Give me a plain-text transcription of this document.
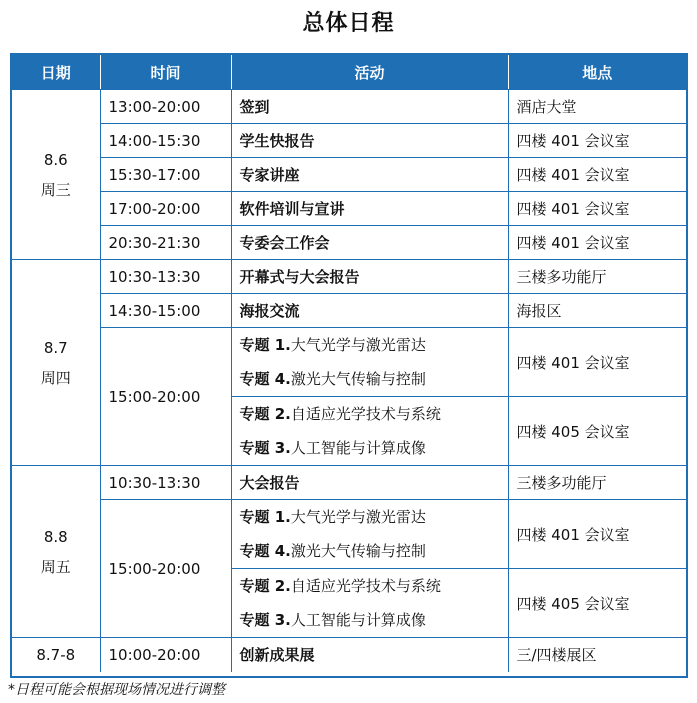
总体日程
日期	时间	活动	地点

8.6
周三	13:00-20:00	签到	酒店大堂
	14:00-15:30	学生快报告	四楼 401 会议室
	15:30-17:00	专家讲座	四楼 401 会议室
	17:00-20:00	软件培训与宣讲	四楼 401 会议室
	20:30-21:30	专委会工作会	四楼 401 会议室

8.7
周四	10:30-13:30	开幕式与大会报告	三楼多功能厅
	14:30-15:00	海报交流	海报区
	15:00-20:00	专题 1.大气光学与激光雷达
专题 4.激光大气传输与控制	四楼 401 会议室

		专题 2.自适应光学技术与系统
专题 3.人工智能与计算成像	四楼 405 会议室

8.8
周五	10:30-13:30	大会报告	三楼多功能厅
	15:00-20:00	专题 1.大气光学与激光雷达
专题 4.激光大气传输与控制	四楼 401 会议室

		专题 2.自适应光学技术与系统
专题 3.人工智能与计算成像	四楼 405 会议室
8.7-8	10:00-20:00	创新成果展	三/四楼展区
*日程可能会根据现场情况进行调整
